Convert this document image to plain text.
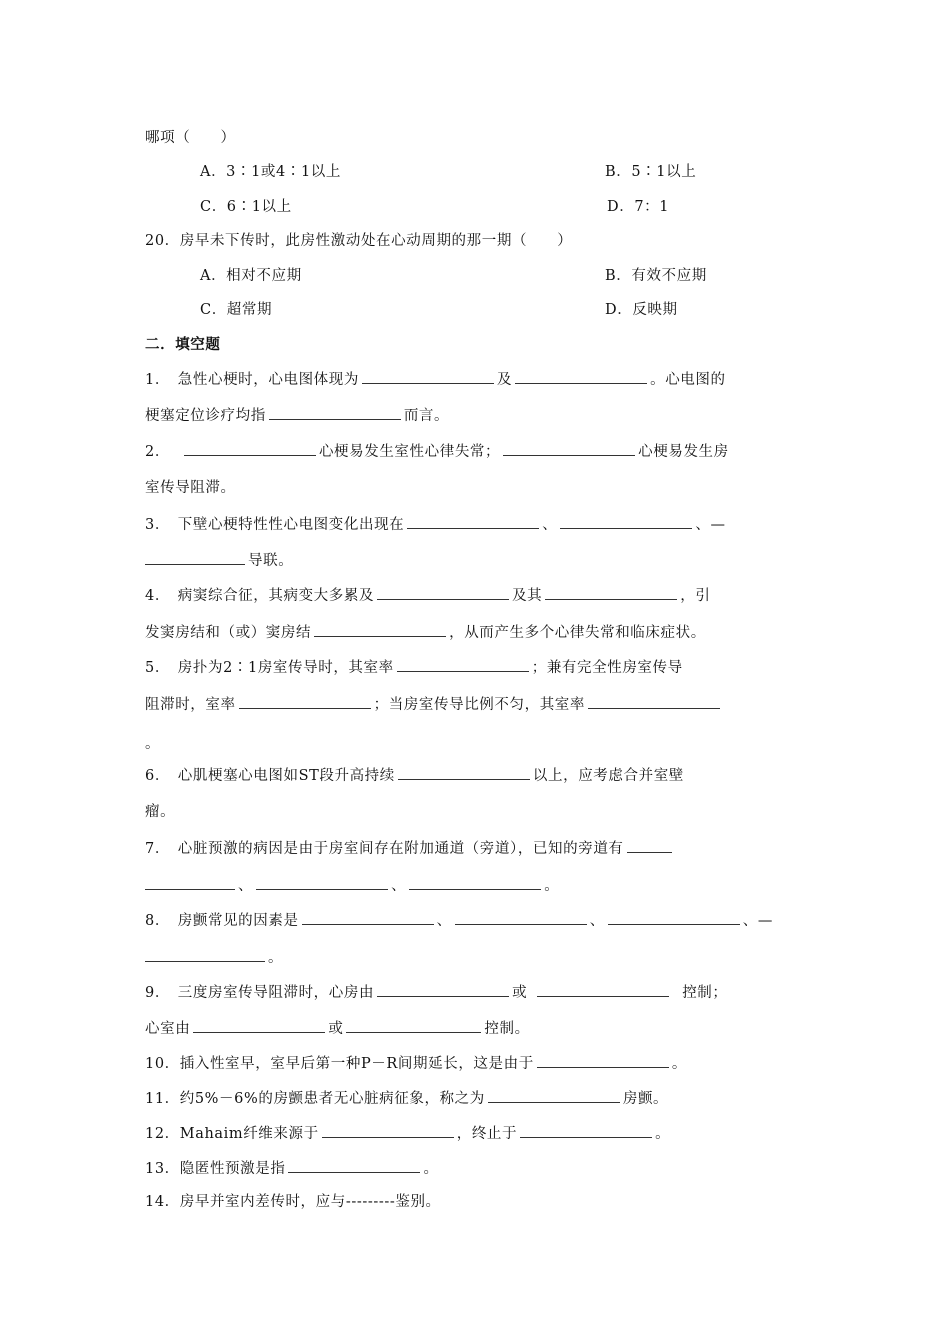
哪项（　　）
A．3∶1或4∶1以上	B．5∶1以上
C．6∶1以上	D．7：1
20．房早未下传时，此房性激动处在心动周期的那一期（　　）
A．相对不应期	B．有效不应期
C．超常期	D．反映期
二．填空题
1．　急性心梗时，心电图体现为	及	。心电图的
梗塞定位诊疗均指	而言。
2．	心梗易发生室性心律失常；	心梗易发生房
室传导阻滞。
3．　下壁心梗特性性心电图变化出现在	、	、—
导联。
4．　病窦综合征，其病变大多累及	及其	，引
发窦房结和（或）窦房结	，从而产生多个心律失常和临床症状。
5．　房扑为2∶1房室传导时，其室率	；兼有完全性房室传导
阻滞时，室率	；当房室传导比例不匀，其室率
。
6．　心肌梗塞心电图如ST段升高持续	以上，应考虑合并室壁
瘤。
7．　心脏预激的病因是由于房室间存在附加通道（旁道），已知的旁道有
、	、	。
8．　房颤常见的因素是	、	、	、—
。
9．　三度房室传导阻滞时，心房由	或	控制；
心室由	或	控制。
10．插入性室早，室早后第一种P－R间期延长，这是由于	。
11．约5%－6%的房颤患者无心脏病征象，称之为	房颤。
12．Mahaim纤维来源于	，终止于	。
13．隐匿性预激是指	。
14．房早并室内差传时，应与---------鉴别。
